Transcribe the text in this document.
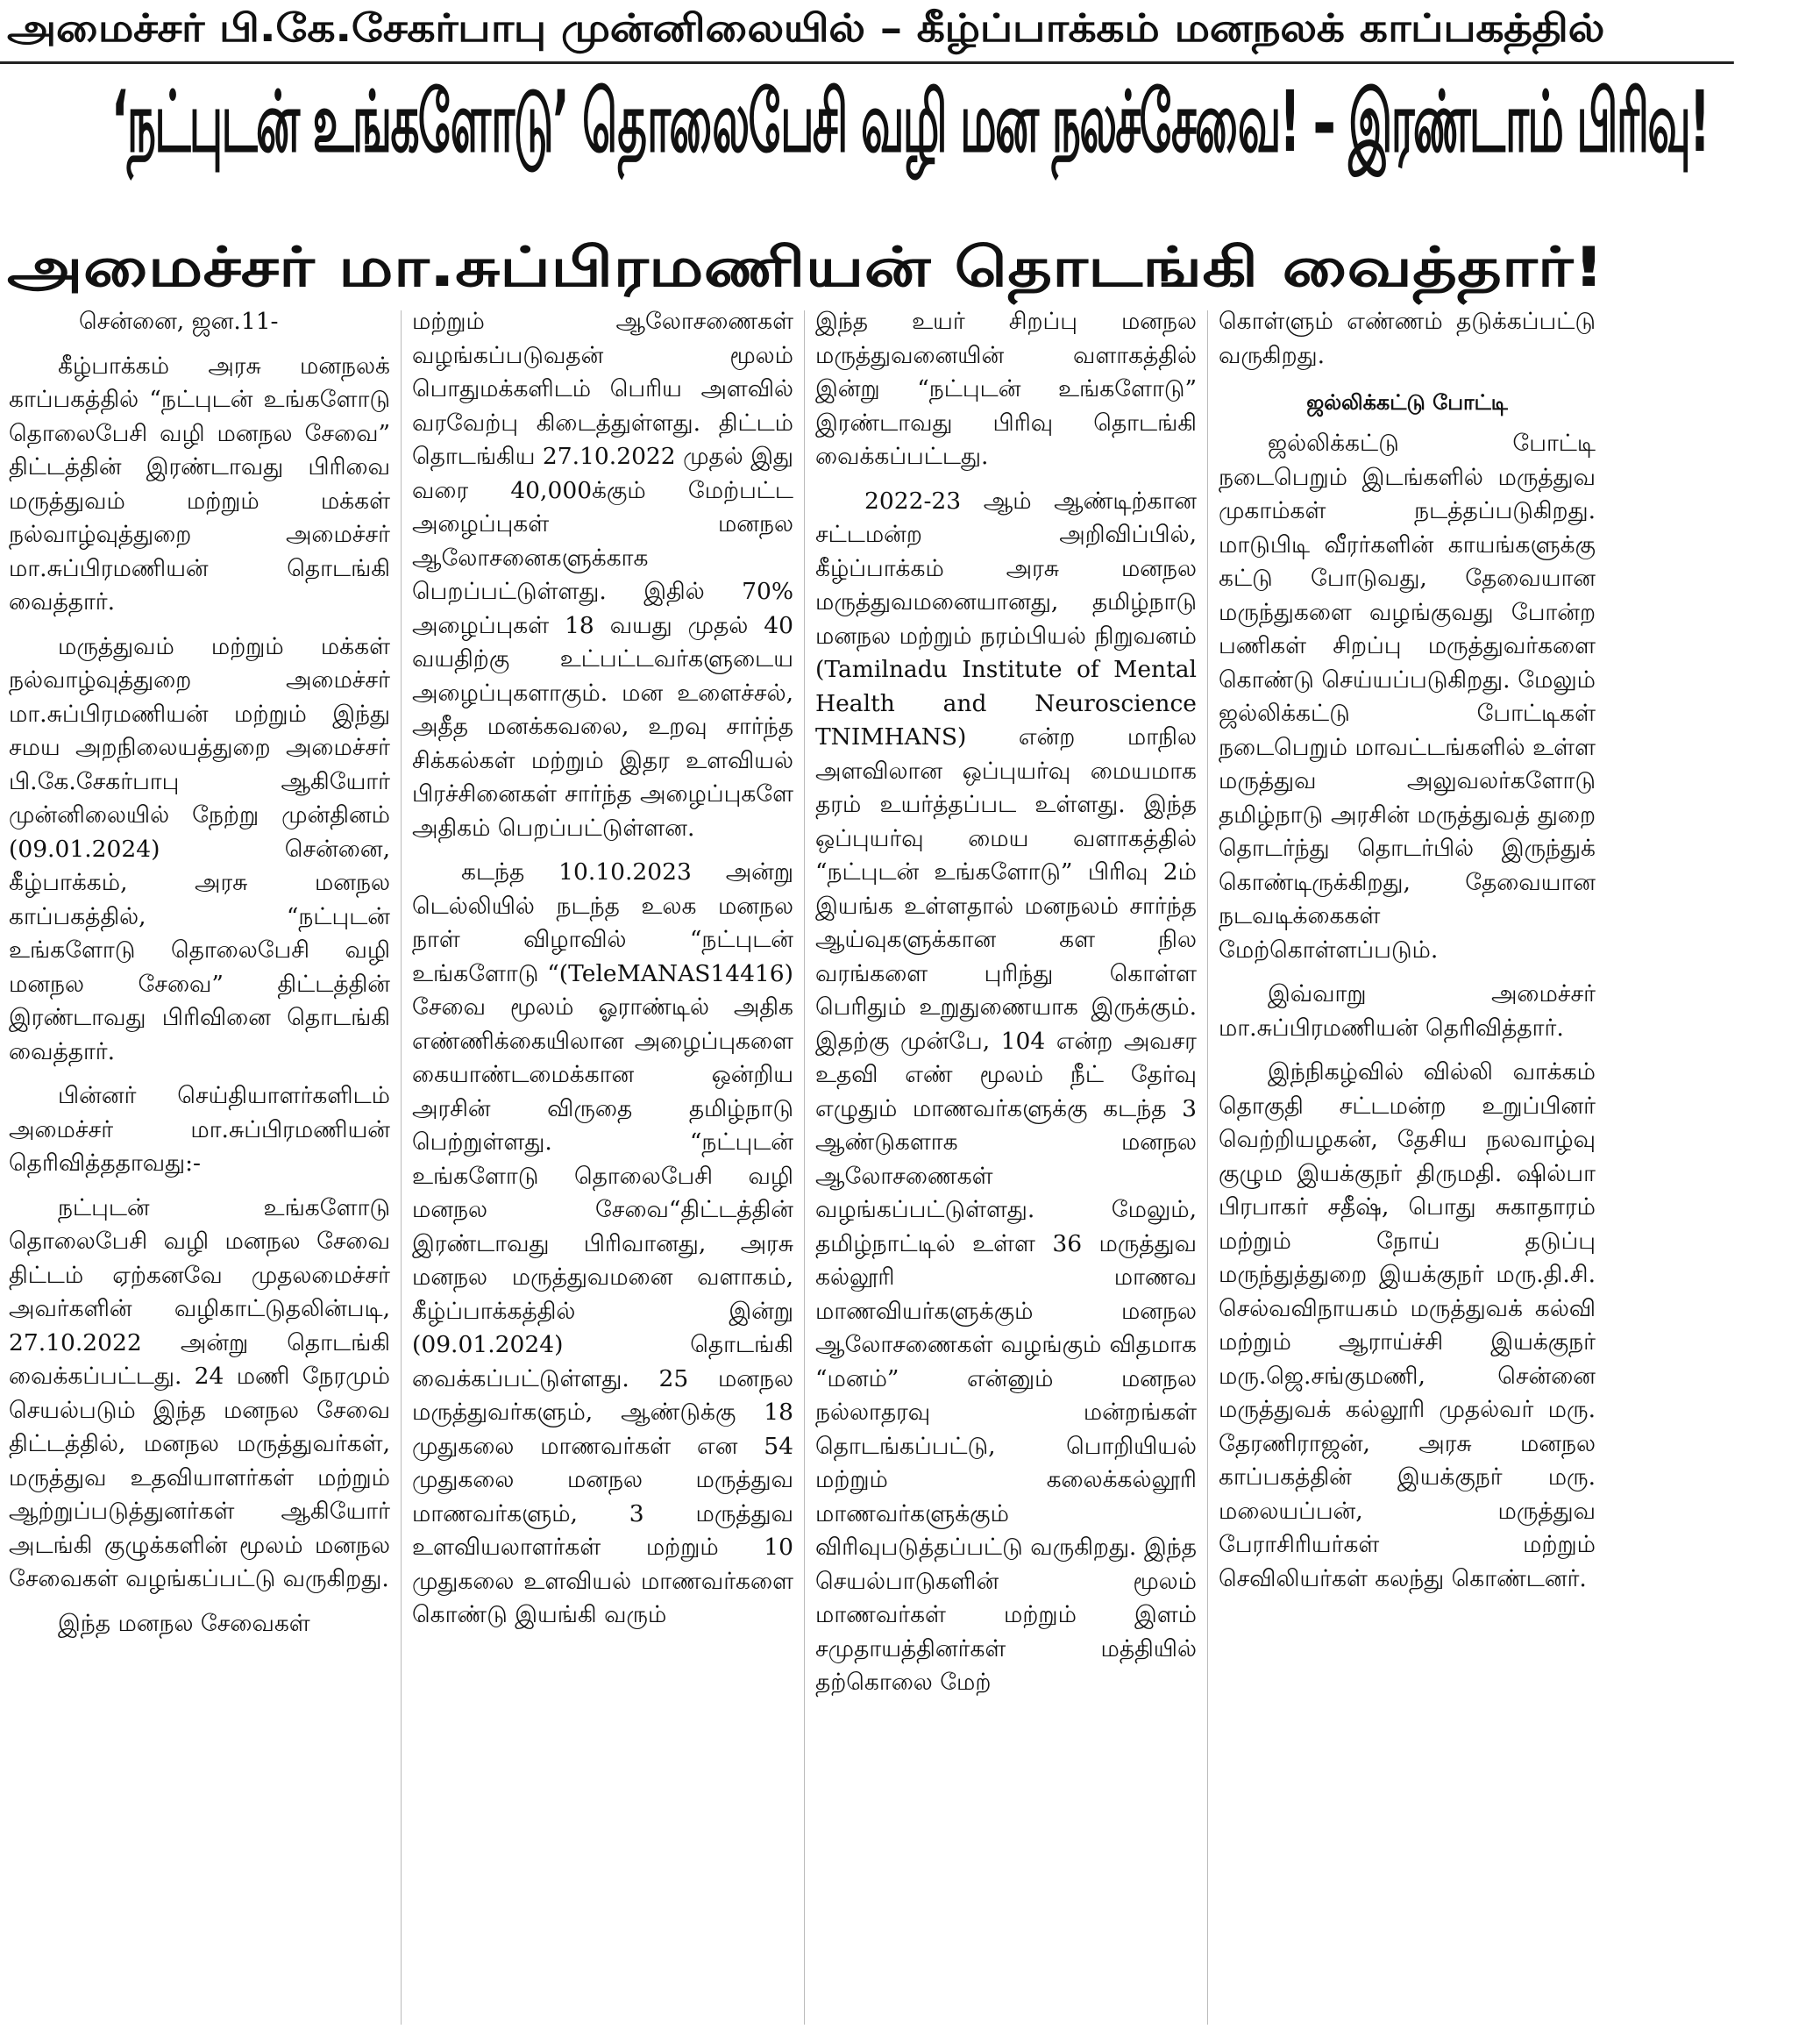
அமைச்சர் பி.கே.சேகர்பாபு முன்னிலையில் – கீழ்ப்பாக்கம் மனநலக் காப்பகத்தில்
‘நட்புடன் உங்களோடு’ தொலைபேசி வழி மன நலச்சேவை! – இரண்டாம் பிரிவு!
அமைச்சர் மா.சுப்பிரமணியன் தொடங்கி வைத்தார்!

சென்னை, ஜன.11-

கீழ்பாக்கம் அரசு மனநலக் காப்பகத்தில் “நட்புடன் உங்களோடு தொலைபேசி வழி மனநல சேவை” திட்டத்தின் இரண்டாவது பிரிவை மருத்துவம் மற்றும் மக்கள் நல்வாழ்வுத்துறை அமைச்சர் மா.சுப்பிரமணியன் தொடங்கி வைத்தார்.

மருத்துவம் மற்றும் மக்கள் நல்வாழ்வுத்துறை அமைச்சர் மா.சுப்பிரமணியன் மற்றும் இந்து சமய அறநிலையத்துறை அமைச்சர் பி.கே.சேகர்பாபு ஆகியோர் முன்னிலையில் நேற்று முன்தினம் (09.01.2024) சென்னை, கீழ்பாக்கம், அரசு மனநல காப்பகத்தில், “நட்புடன் உங்களோடு தொலைபேசி வழி மனநல சேவை” திட்டத்தின் இரண்டாவது பிரிவினை தொடங்கி வைத்தார்.

பின்னர் செய்தியாளர்களிடம் அமைச்சர் மா.சுப்பிரமணியன் தெரிவித்ததாவது:-

நட்புடன் உங்களோடு தொலைபேசி வழி மனநல சேவை திட்டம் ஏற்கனவே முதலமைச்சர் அவர்களின் வழிகாட்டுதலின்படி, 27.10.2022 அன்று தொடங்கி வைக்கப்பட்டது. 24 மணி நேரமும் செயல்படும் இந்த மனநல சேவை திட்டத்தில், மனநல மருத்துவர்கள், மருத்துவ உதவியாளர்கள் மற்றும் ஆற்றுப்படுத்துனர்கள் ஆகியோர் அடங்கி குழுக்களின் மூலம் மனநல சேவைகள் வழங்கப்பட்டு வருகிறது.

இந்த மனநல சேவைகள்

மற்றும் ஆலோசணைகள் வழங்கப்படுவதன் மூலம் பொதுமக்களிடம் பெரிய அளவில் வரவேற்பு கிடைத்துள்ளது. திட்டம் தொடங்கிய 27.10.2022 முதல் இது வரை 40,000க்கும் மேற்பட்ட அழைப்புகள் மனநல ஆலோசனைகளுக்காக பெறப்பட்டுள்ளது. இதில் 70% அழைப்புகள் 18 வயது முதல் 40 வயதிற்கு உட்பட்டவர்களுடைய அழைப்புகளாகும். மன உளைச்சல், அதீத மனக்கவலை, உறவு சார்ந்த சிக்கல்கள் மற்றும் இதர உளவியல் பிரச்சினைகள் சார்ந்த அழைப்புகளே அதிகம் பெறப்பட்டுள்ளன.

கடந்த 10.10.2023 அன்று டெல்லியில் நடந்த உலக மனநல நாள் விழாவில் “நட்புடன் உங்களோடு “(TeleMANAS14416) சேவை மூலம் ஓராண்டில் அதிக எண்ணிக்கையிலான அழைப்புகளை கையாண்டமைக்கான ஒன்றிய அரசின் விருதை தமிழ்நாடு பெற்றுள்ளது. “நட்புடன் உங்களோடு தொலைபேசி வழி மனநல சேவை“திட்டத்தின் இரண்டாவது பிரிவானது, அரசு மனநல மருத்துவமனை வளாகம், கீழ்ப்பாக்கத்தில் இன்று (09.01.2024) தொடங்கி வைக்கப்பட்டுள்ளது. 25 மனநல மருத்துவர்களும், ஆண்டுக்கு 18 முதுகலை மாணவர்கள் என 54 முதுகலை மனநல மருத்துவ மாணவர்களும், 3 மருத்துவ உளவியலாளர்கள் மற்றும் 10 முதுகலை உளவியல் மாணவர்களை கொண்டு இயங்கி வரும்

இந்த உயர் சிறப்பு மனநல மருத்துவனையின் வளாகத்தில் இன்று “நட்புடன் உங்களோடு” இரண்டாவது பிரிவு தொடங்கி வைக்கப்பட்டது.

2022-23 ஆம் ஆண்டிற்கான சட்டமன்ற அறிவிப்பில், கீழ்ப்பாக்கம் அரசு மனநல மருத்துவமனையானது, தமிழ்நாடு மனநல மற்றும் நரம்பியல் நிறுவனம் (Tamilnadu Institute of Mental Health and Neuroscience TNIMHANS) என்ற மாநில அளவிலான ஒப்புயர்வு மையமாக தரம் உயர்த்தப்பட உள்ளது. இந்த ஒப்புயர்வு மைய வளாகத்தில் “நட்புடன் உங்களோடு” பிரிவு 2ம் இயங்க உள்ளதால் மனநலம் சார்ந்த ஆய்வுகளுக்கான கள நில வரங்களை புரிந்து கொள்ள பெரிதும் உறுதுணையாக இருக்கும். இதற்கு முன்பே, 104 என்ற அவசர உதவி எண் மூலம் நீட் தேர்வு எழுதும் மாணவர்களுக்கு கடந்த 3 ஆண்டுகளாக மனநல ஆலோசணைகள் வழங்கப்பட்டுள்ளது. மேலும், தமிழ்நாட்டில் உள்ள 36 மருத்துவ கல்லூரி மாணவ மாணவியர்களுக்கும் மனநல ஆலோசணைகள் வழங்கும் விதமாக “மனம்” என்னும் மனநல நல்லாதரவு மன்றங்கள் தொடங்கப்பட்டு, பொறியியல் மற்றும் கலைக்கல்லூரி மாணவர்களுக்கும் விரிவுபடுத்தப்பட்டு வருகிறது. இந்த செயல்பாடுகளின் மூலம் மாணவர்கள் மற்றும் இளம் சமுதாயத்தினர்கள் மத்தியில் தற்கொலை மேற்

கொள்ளும் எண்ணம் தடுக்கப்பட்டு வருகிறது.

ஜல்லிக்கட்டு போட்டி

ஜல்லிக்கட்டு போட்டி நடைபெறும் இடங்களில் மருத்துவ முகாம்கள் நடத்தப்படுகிறது. மாடுபிடி வீரர்களின் காயங்களுக்கு கட்டு போடுவது, தேவையான மருந்துகளை வழங்குவது போன்ற பணிகள் சிறப்பு மருத்துவர்களை கொண்டு செய்யப்படுகிறது. மேலும் ஜல்லிக்கட்டு போட்டிகள் நடைபெறும் மாவட்டங்களில் உள்ள மருத்துவ அலுவலர்களோடு தமிழ்நாடு அரசின் மருத்துவத் துறை தொடர்ந்து தொடர்பில் இருந்துக் கொண்டிருக்கிறது, தேவையான நடவடிக்கைகள் மேற்கொள்ளப்படும்.

இவ்வாறு அமைச்சர் மா.சுப்பிரமணியன் தெரிவித்தார்.

இந்நிகழ்வில் வில்லி வாக்கம் தொகுதி சட்டமன்ற உறுப்பினர் வெற்றியழகன், தேசிய நலவாழ்வு குழும இயக்குநர் திருமதி. ஷில்பா பிரபாகர் சதீஷ், பொது சுகாதாரம் மற்றும் நோய் தடுப்பு மருந்துத்துறை இயக்குநர் மரு.தி.சி. செல்வவிநாயகம் மருத்துவக் கல்வி மற்றும் ஆராய்ச்சி இயக்குநர் மரு.ஜெ.சங்குமணி, சென்னை மருத்துவக் கல்லூரி முதல்வர் மரு. தேரணிராஜன், அரசு மனநல காப்பகத்தின் இயக்குநர் மரு. மலையப்பன், மருத்துவ பேராசிரியர்கள் மற்றும் செவிலியர்கள் கலந்து கொண்டனர்.
